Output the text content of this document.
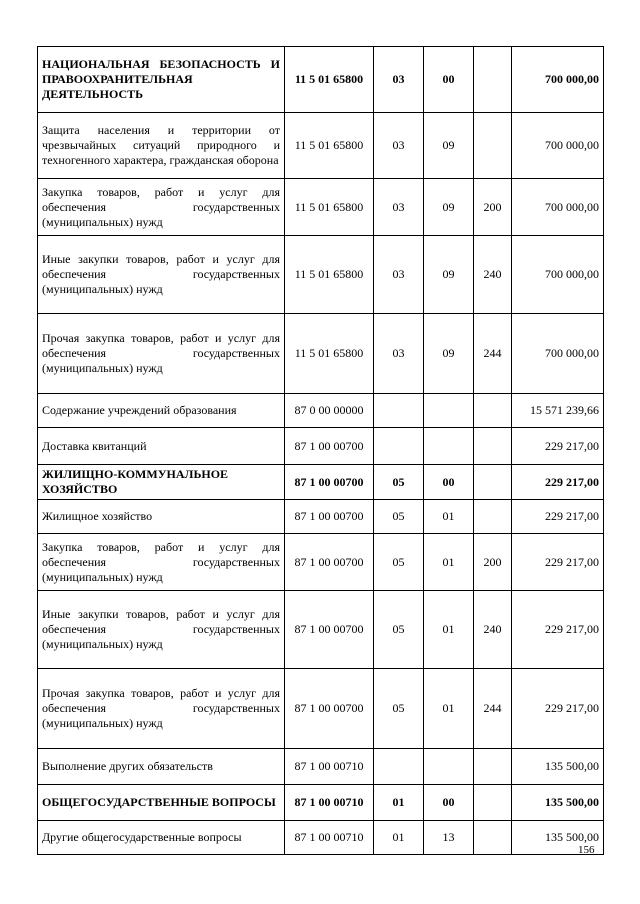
НАЦИОНАЛЬНАЯ БЕЗОПАСНОСТЬ И ПРАВООХРАНИТЕЛЬНАЯ ДЕЯТЕЛЬНОСТЬ	11 5 01 65800	03	00		700 000,00
Защита населения и территории от чрезвычайных ситуаций природного и техногенного характера, гражданская оборона	11 5 01 65800	03	09		700 000,00
Закупка товаров, работ и услуг для обеспечения государственных (муниципальных) нужд	11 5 01 65800	03	09	200	700 000,00
Иные закупки товаров, работ и услуг для обеспечения государственных (муниципальных) нужд	11 5 01 65800	03	09	240	700 000,00
Прочая закупка товаров, работ и услуг для обеспечения государственных (муниципальных) нужд	11 5 01 65800	03	09	244	700 000,00
Содержание учреждений образования	87 0 00 00000				15 571 239,66
Доставка квитанций	87 1 00 00700				229 217,00
ЖИЛИЩНО-КОММУНАЛЬНОЕ ХОЗЯЙСТВО	87 1 00 00700	05	00		229 217,00
Жилищное хозяйство	87 1 00 00700	05	01		229 217,00
Закупка товаров, работ и услуг для обеспечения государственных (муниципальных) нужд	87 1 00 00700	05	01	200	229 217,00
Иные закупки товаров, работ и услуг для обеспечения государственных (муниципальных) нужд	87 1 00 00700	05	01	240	229 217,00
Прочая закупка товаров, работ и услуг для обеспечения государственных (муниципальных) нужд	87 1 00 00700	05	01	244	229 217,00
Выполнение других обязательств	87 1 00 00710				135 500,00
ОБЩЕГОСУДАРСТВЕННЫЕ ВОПРОСЫ	87 1 00 00710	01	00		135 500,00
Другие общегосударственные вопросы	87 1 00 00710	01	13		135 500,00
156
